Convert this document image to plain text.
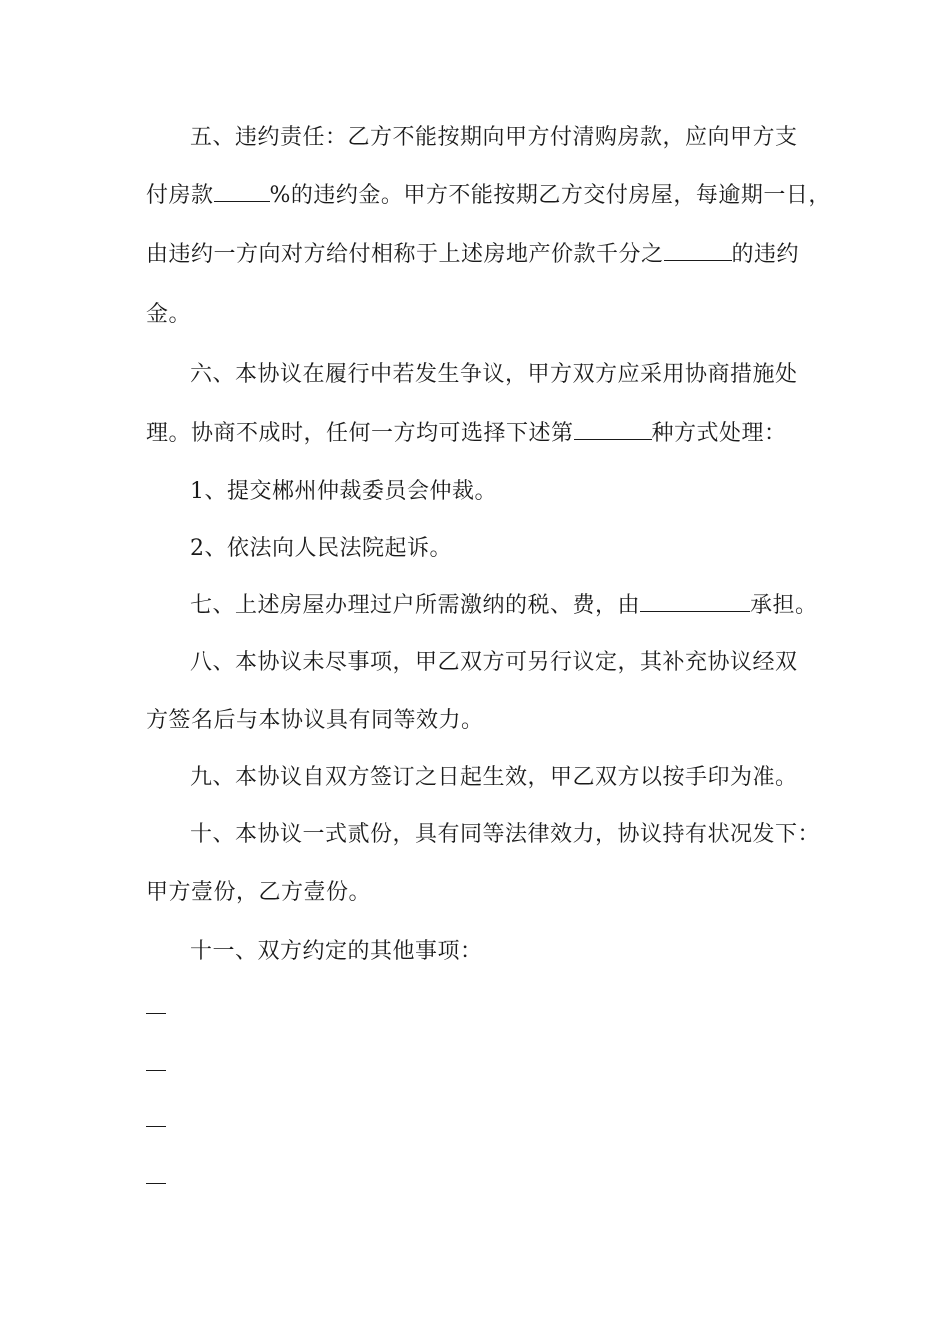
五、违约责任：乙方不能按期向甲方付清购房款，应向甲方支
付房款	%的违约金。甲方不能按期乙方交付房屋，每逾期一日，
由违约一方向对方给付相称于上述房地产价款千分之	的违约
金。
六、本协议在履行中若发生争议，甲方双方应采用协商措施处
理。协商不成时，任何一方均可选择下述第	种方式处理：
1、提交郴州仲裁委员会仲裁。
2、依法向人民法院起诉。
七、上述房屋办理过户所需激纳的税、费，由	承担。
八、本协议未尽事项，甲乙双方可另行议定，其补充协议经双
方签名后与本协议具有同等效力。
九、本协议自双方签订之日起生效，甲乙双方以按手印为准。
十、本协议一式贰份，具有同等法律效力，协议持有状况发下：
甲方壹份，乙方壹份。
十一、双方约定的其他事项：
